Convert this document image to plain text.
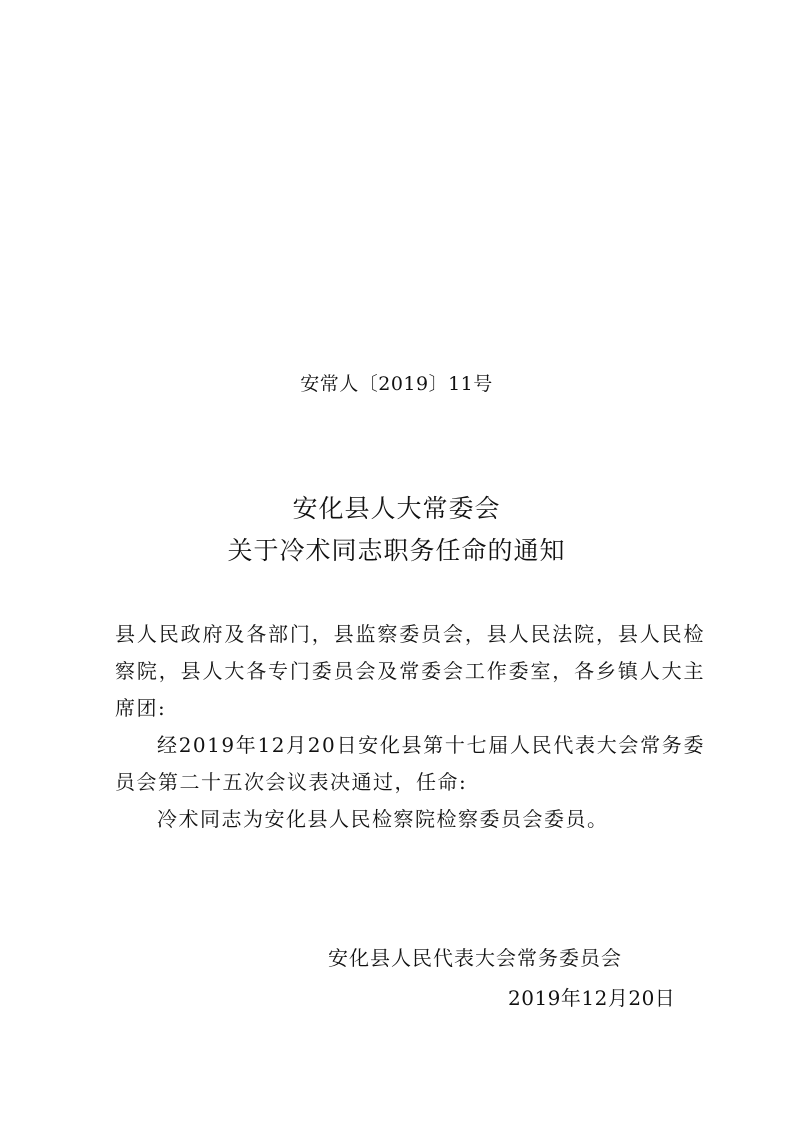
安常人〔2019〕11号
安化县人大常委会
关于冷术同志职务任命的通知

县人民政府及各部门，县监察委员会，县人民法院，县人民检察院，县人大各专门委员会及常委会工作委室，各乡镇人大主席团:

经2019年12月20日安化县第十七届人民代表大会常务委员会第二十五次会议表决通过，任命:

冷术同志为安化县人民检察院检察委员会委员。

安化县人民代表大会常务委员会
2019年12月20日
